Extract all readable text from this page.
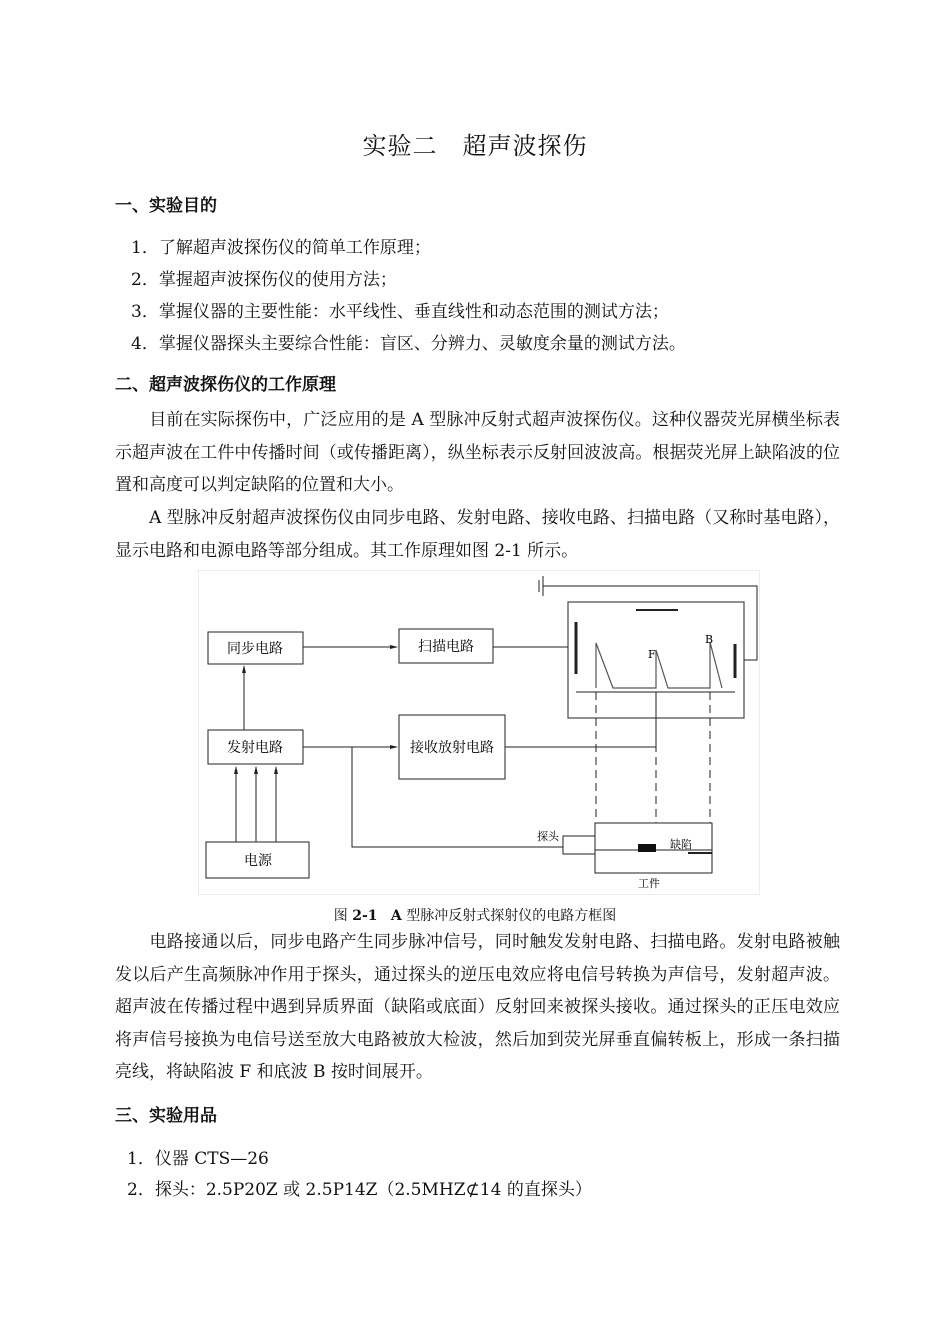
实验二　超声波探伤
一、实验目的
1．了解超声波探伤仪的简单工作原理；
2．掌握超声波探伤仪的使用方法；
3．掌握仪器的主要性能：水平线性、垂直线性和动态范围的测试方法；
4．掌握仪器探头主要综合性能：盲区、分辨力、灵敏度余量的测试方法。
二、超声波探伤仪的工作原理
　　目前在实际探伤中，广泛应用的是 A 型脉冲反射式超声波探伤仪。这种仪器荧光屏横坐标表示超声波在工件中传播时间（或传播距离），纵坐标表示反射回波波高。根据荧光屏上缺陷波的位置和高度可以判定缺陷的位置和大小。
　　A 型脉冲反射超声波探伤仪由同步电路、发射电路、接收电路、扫描电路（又称时基电路），显示电路和电源电路等部分组成。其工作原理如图 2-1 所示。
同步电路	扫描电路
发射电路	接收放射电路
电源
F
B
探头
缺陷
工件
图 2-1 A 型脉冲反射式探射仪的电路方框图
　　电路接通以后，同步电路产生同步脉冲信号，同时触发发射电路、扫描电路。发射电路被触发以后产生高频脉冲作用于探头，通过探头的逆压电效应将电信号转换为声信号，发射超声波。超声波在传播过程中遇到异质界面（缺陷或底面）反射回来被探头接收。通过探头的正压电效应将声信号接换为电信号送至放大电路被放大检波，然后加到荧光屏垂直偏转板上，形成一条扫描亮线，将缺陷波 F 和底波 B 按时间展开。
三、实验用品
1．仪器 CTS—26
2．探头：2.5P20Z 或 2.5P14Z（2.5MHZ⊄14 的直探头）
